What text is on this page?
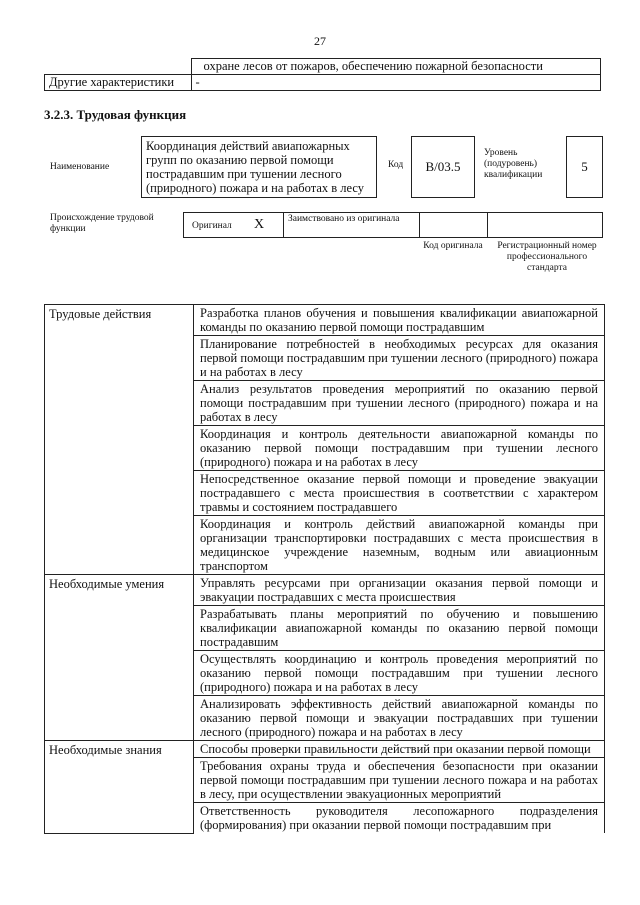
27
	охране лесов от пожаров, обеспечению пожарной безопасности
Другие характеристики	-
3.2.3. Трудовая функция
Наименование
Координация действий авиапожарных групп по оказанию первой помощи пострадавшим при тушении лесного (природного) пожара и на работах в лесу
Код B/03.5
Уровень (подуровень) квалификации
5
Происхождение трудовой функции	Оригинал X	Заимствовано из оригинала
Код оригинала	Регистрационный номер профессионального стандарта
Трудовые действия	Разработка планов обучения и повышения квалификации авиапожарной команды по оказанию первой помощи пострадавшим
	Планирование потребностей в необходимых ресурсах для оказания первой помощи пострадавшим при тушении лесного (природного) пожара и на работах в лесу
	Анализ результатов проведения мероприятий по оказанию первой помощи пострадавшим при тушении лесного (природного) пожара и на работах в лесу
	Координация и контроль деятельности авиапожарной команды по оказанию первой помощи пострадавшим при тушении лесного (природного) пожара и на работах в лесу
	Непосредственное оказание первой помощи и проведение эвакуации пострадавшего с места происшествия в соответствии с характером травмы и состоянием пострадавшего
	Координация и контроль действий авиапожарной команды при организации транспортировки пострадавших с места происшествия в медицинское учреждение наземным, водным или авиационным транспортом
Необходимые умения	Управлять ресурсами при организации оказания первой помощи и эвакуации пострадавших с места происшествия
	Разрабатывать планы мероприятий по обучению и повышению квалификации авиапожарной команды по оказанию первой помощи пострадавшим
	Осуществлять координацию и контроль проведения мероприятий по оказанию первой помощи пострадавшим при тушении лесного (природного) пожара и на работах в лесу
	Анализировать эффективность действий авиапожарной команды по оказанию первой помощи и эвакуации пострадавших при тушении лесного (природного) пожара и на работах в лесу
Необходимые знания	Способы проверки правильности действий при оказании первой помощи
	Требования охраны труда и обеспечения безопасности при оказании первой помощи пострадавшим при тушении лесного пожара и на работах в лесу, при осуществлении эвакуационных мероприятий
	Ответственность руководителя лесопожарного подразделения (формирования) при оказании первой помощи пострадавшим при
